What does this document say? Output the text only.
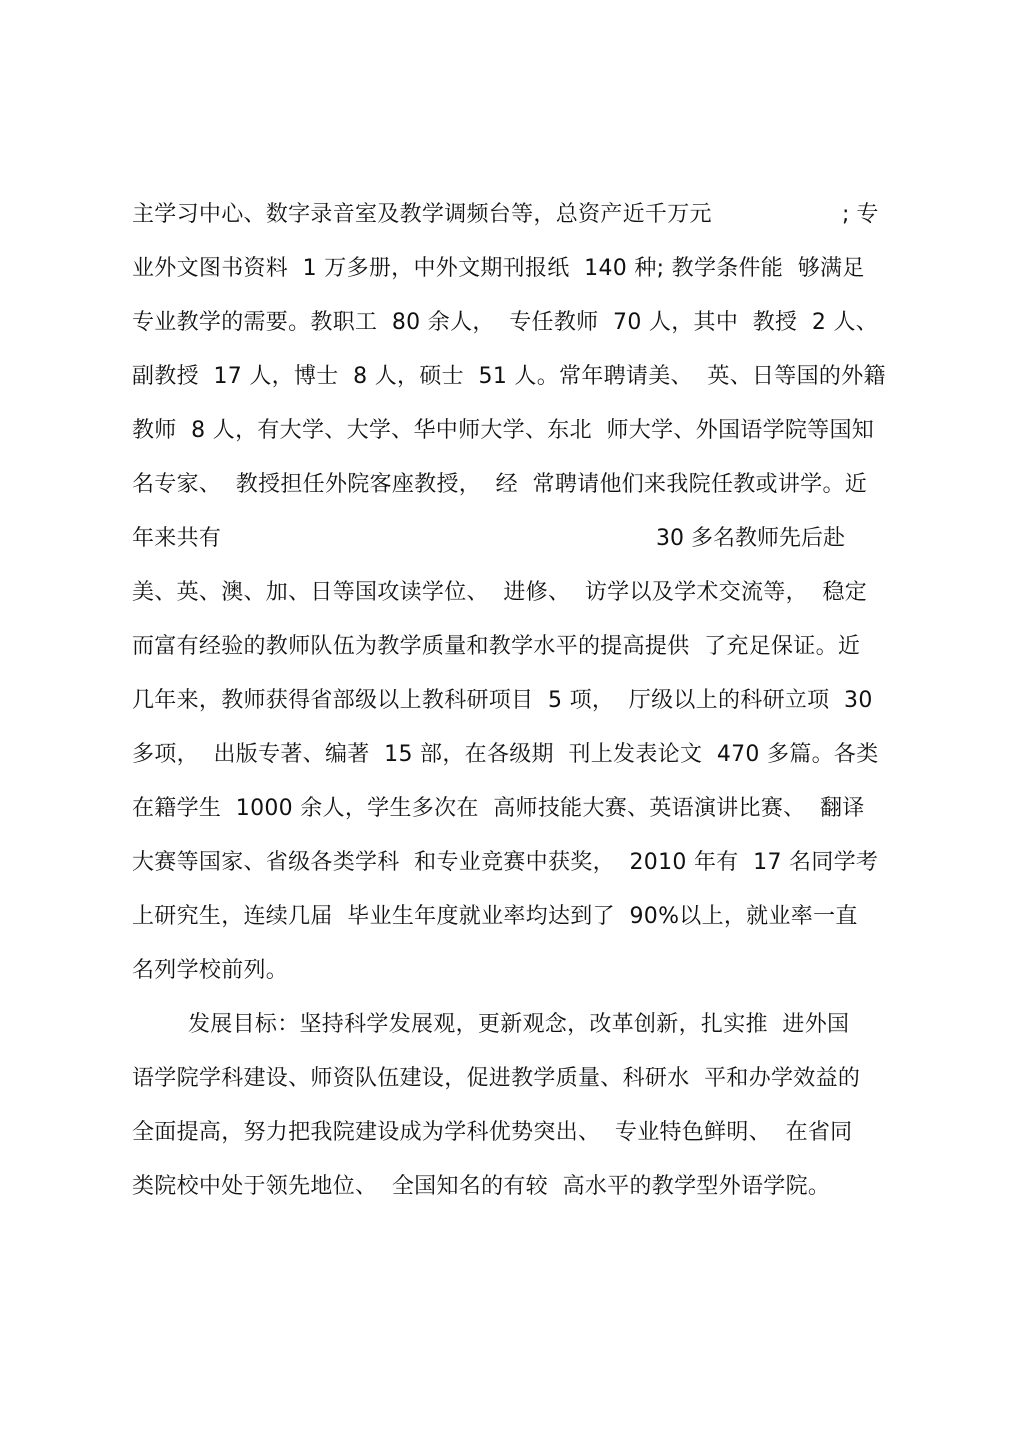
主学习中心、数字录音室及教学调频台等，总资产近千万元	; 专
业外文图书资料  1 万多册，中外文期刊报纸  140 种; 教学条件能  够满足
专业教学的需要。教职工  80 余人，  专任教师  70 人，其中  教授  2 人、
副教授  17 人，博士  8 人，硕士  51 人。常年聘请美、  英、日等国的外籍
教师  8 人，有大学、大学、华中师大学、东北  师大学、外国语学院等国知
名专家、  教授担任外院客座教授，  经  常聘请他们来我院任教或讲学。近
年来共有	30 多名教师先后赴
美、英、澳、加、日等国攻读学位、  进修、  访学以及学术交流等，  稳定
而富有经验的教师队伍为教学质量和教学水平的提高提供  了充足保证。近
几年来，教师获得省部级以上教科研项目  5 项，  厅级以上的科研立项  30
多项，  出版专著、编著  15 部，在各级期  刊上发表论文  470 多篇。各类
在籍学生  1000 余人，学生多次在  高师技能大赛、英语演讲比赛、  翻译
大赛等国家、省级各类学科  和专业竞赛中获奖，  2010 年有  17 名同学考
上研究生，连续几届  毕业生年度就业率均达到了  90%以上，就业率一直
名列学校前列。
发展目标：坚持科学发展观，更新观念，改革创新，扎实推  进外国
语学院学科建设、师资队伍建设，促进教学质量、科研水  平和办学效益的
全面提高，努力把我院建设成为学科优势突出、  专业特色鲜明、  在省同
类院校中处于领先地位、  全国知名的有较  高水平的教学型外语学院。
